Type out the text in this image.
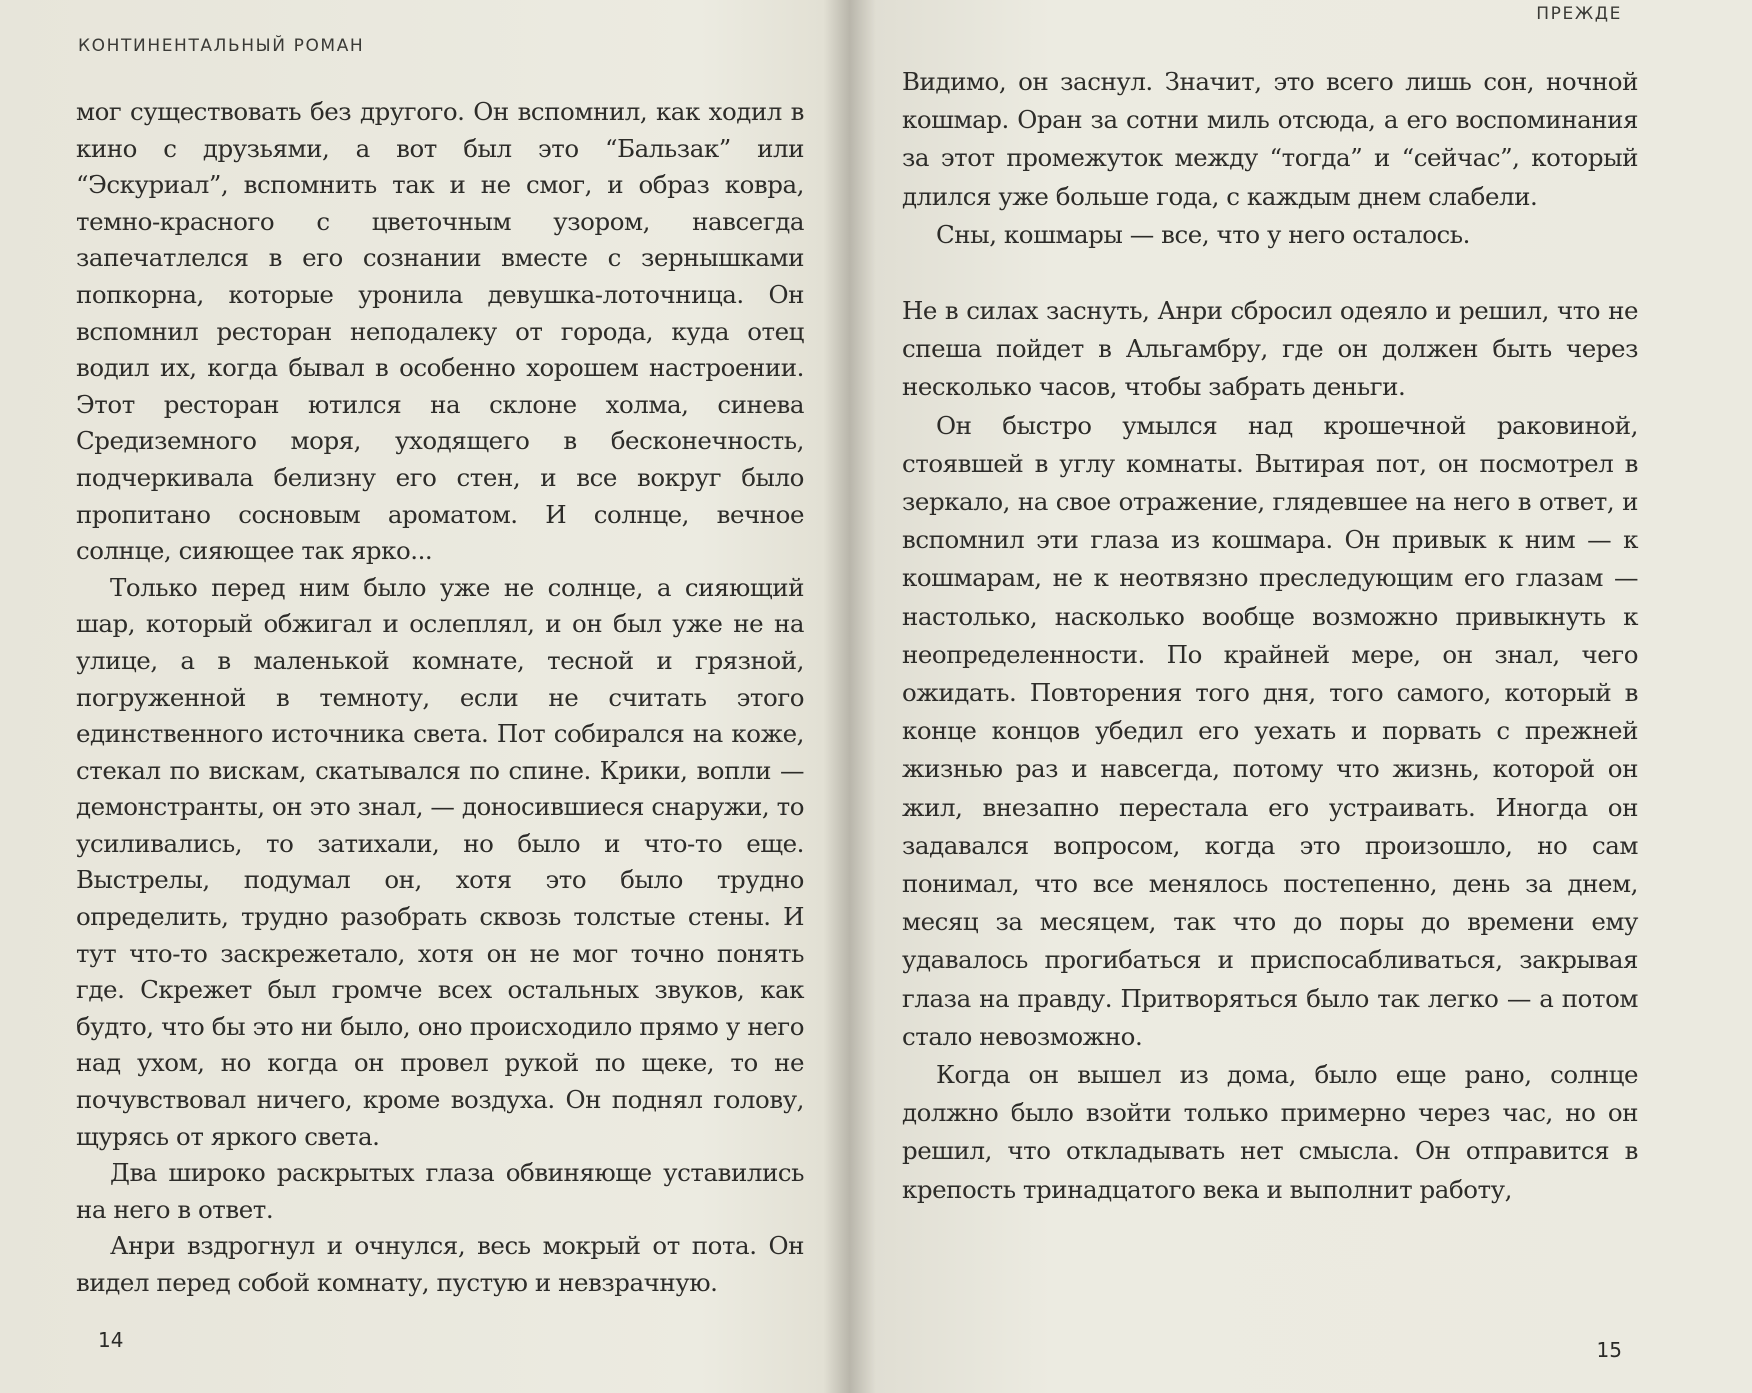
КОНТИНЕНТАЛЬНЫЙ РОМАН

мог существовать без другого. Он вспомнил, как ходил в кино с друзьями, а вот был это “Бальзак” или “Эскуриал”, вспомнить так и не смог, и образ ковра, темно-красного с цветочным узором, навсегда запечатлелся в его сознании вместе с зернышками попкорна, которые уронила девушка-лоточница. Он вспомнил ресторан неподалеку от города, куда отец водил их, когда бывал в особенно хорошем настроении. Этот ресторан ютился на склоне холма, синева Средиземного моря, уходящего в бесконечность, подчеркивала белизну его стен, и все вокруг было пропитано сосновым ароматом. И солнце, вечное солнце, сияющее так ярко...

Только перед ним было уже не солнце, а сияющий шар, который обжигал и ослеплял, и он был уже не на улице, а в маленькой комнате, тесной и грязной, погруженной в темноту, если не считать этого единственного источника света. Пот собирался на коже, стекал по вискам, скатывался по спине. Крики, вопли — демонстранты, он это знал, — доносившиеся снаружи, то усиливались, то затихали, но было и что-то еще. Выстрелы, подумал он, хотя это было трудно определить, трудно разобрать сквозь толстые стены. И тут что-то заскрежетало, хотя он не мог точно понять где. Скрежет был громче всех остальных звуков, как будто, что бы это ни было, оно происходило прямо у него над ухом, но когда он провел рукой по щеке, то не почувствовал ничего, кроме воздуха. Он поднял голову, щурясь от яркого света.

Два широко раскрытых глаза обвиняюще уставились на него в ответ.

Анри вздрогнул и очнулся, весь мокрый от пота. Он видел перед собой комнату, пустую и невзрачную.

14
ПРЕЖДЕ

Видимо, он заснул. Значит, это всего лишь сон, ночной кошмар. Оран за сотни миль отсюда, а его воспоминания за этот промежуток между “тогда” и “сейчас”, который длился уже больше года, с каждым днем слабели.

Сны, кошмары — все, что у него осталось.

Не в силах заснуть, Анри сбросил одеяло и решил, что не спеша пойдет в Альгамбру, где он должен быть через несколько часов, чтобы забрать деньги.

Он быстро умылся над крошечной раковиной, стоявшей в углу комнаты. Вытирая пот, он посмотрел в зеркало, на свое отражение, глядевшее на него в ответ, и вспомнил эти глаза из кошмара. Он привык к ним — к кошмарам, не к неотвязно преследующим его глазам — настолько, насколько вообще возможно привыкнуть к неопределенности. По крайней мере, он знал, чего ожидать. Повторения того дня, того самого, который в конце концов убедил его уехать и порвать с прежней жизнью раз и навсегда, потому что жизнь, которой он жил, внезапно перестала его устраивать. Иногда он задавался вопросом, когда это произошло, но сам понимал, что все менялось постепенно, день за днем, месяц за месяцем, так что до поры до времени ему удавалось прогибаться и приспосабливаться, закрывая глаза на правду. Притворяться было так легко — а потом стало невозможно.

Когда он вышел из дома, было еще рано, солнце должно было взойти только примерно через час, но он решил, что откладывать нет смысла. Он отправится в крепость тринадцатого века и выполнит работу,

15
